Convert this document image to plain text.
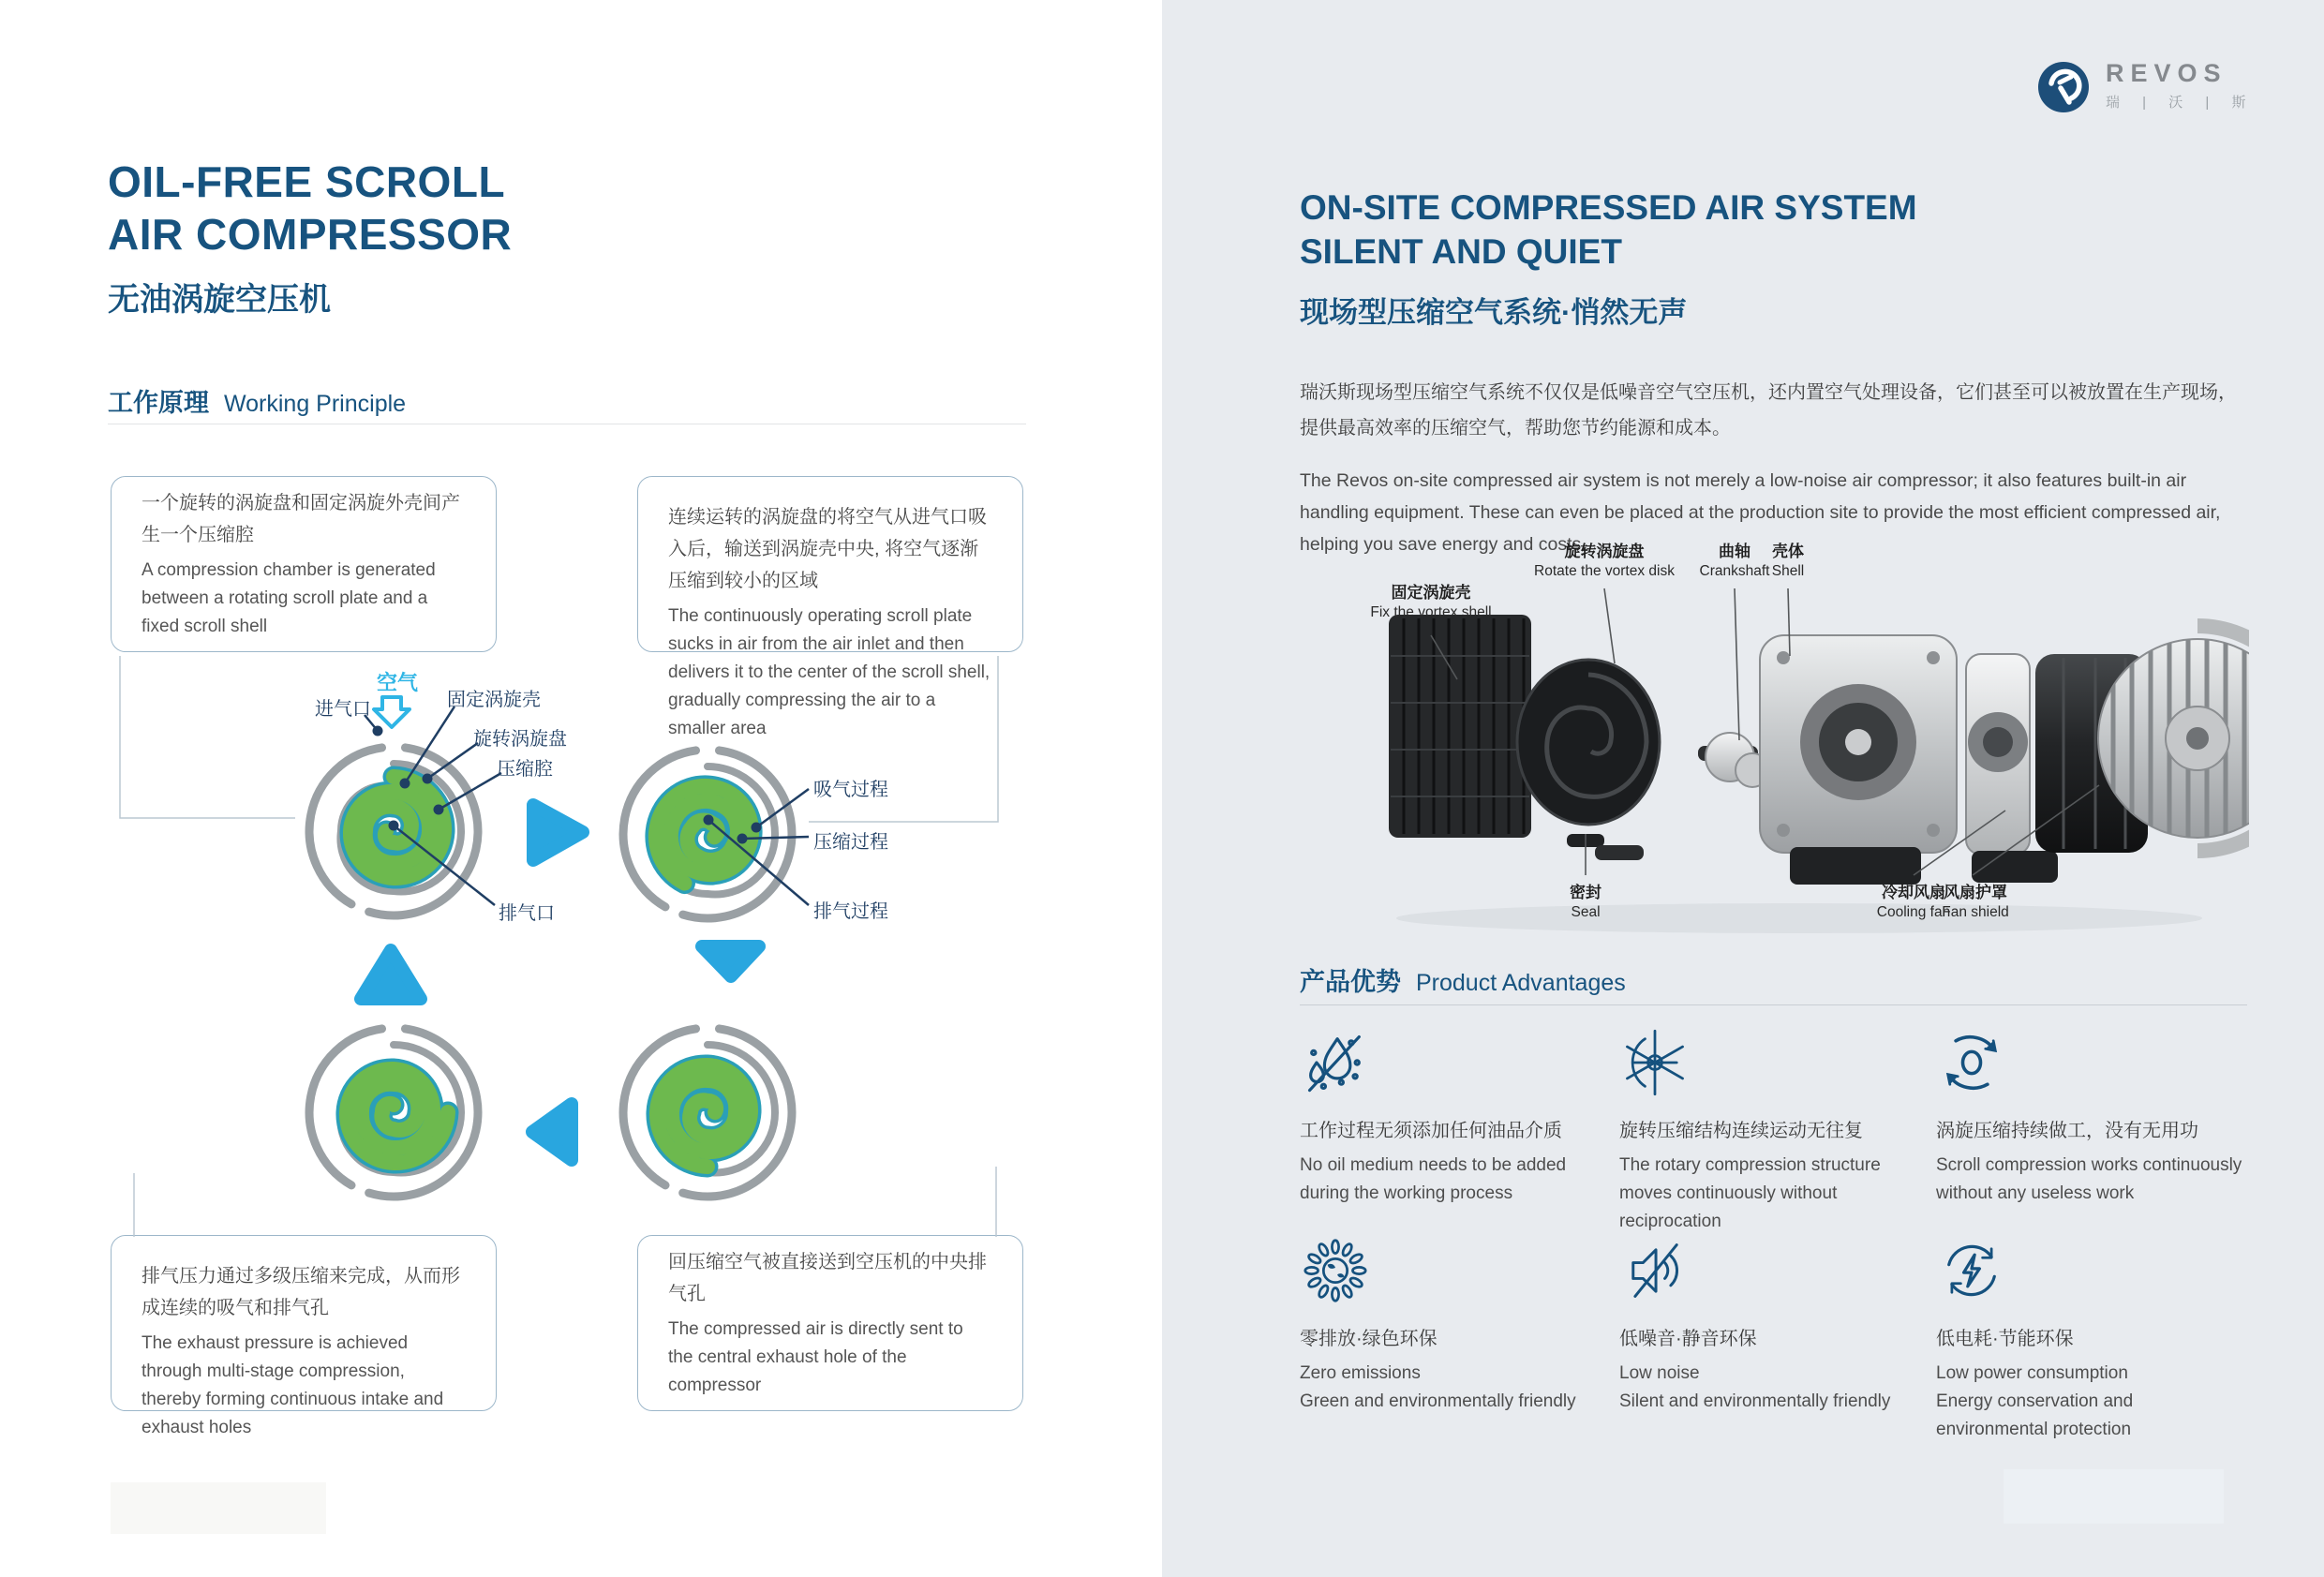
OIL-FREE SCROLL
AIR COMPRESSOR
无油涡旋空压机
工作原理 Working Principle
一个旋转的涡旋盘和固定涡旋外壳间产生一个压缩腔
A compression chamber is generated between a rotating scroll plate and a fixed scroll shell
连续运转的涡旋盘的将空气从进气口吸入后，输送到涡旋壳中央, 将空气逐渐压缩到较小的区域
The continuously operating scroll plate sucks in air from the air inlet and then delivers it to the center of the scroll shell, gradually compressing the air to a smaller area
排气压力通过多级压缩来完成，从而形成连续的吸气和排气孔
The exhaust pressure is achieved through multi-stage compression, thereby forming continuous intake and exhaust holes
回压缩空气被直接送到空压机的中央排气孔
The compressed air is directly sent to the central exhaust hole of the compressor
空气
进气口	固定涡旋壳
旋转涡旋盘
压缩腔
排气口
吸气过程
压缩过程
排气过程
REVOS
瑞 | 沃 | 斯
ON-SITE COMPRESSED AIR SYSTEM
SILENT AND QUIET
现场型压缩空气系统·悄然无声
瑞沃斯现场型压缩空气系统不仅仅是低噪音空气空压机，还内置空气处理设备，它们甚至可以被放置在生产现场，提供最高效率的压缩空气，帮助您节约能源和成本。
The Revos on-site compressed air system is not merely a low-noise air compressor; it also features built-in air handling equipment. These can even be placed at the production site to provide the most efficient compressed air, helping you save energy and costs.
固定涡旋壳
Fix the vortex shell
旋转涡旋盘
Rotate the vortex disk
曲轴
Crankshaft
壳体
Shell
密封
Seal
冷却风扇
Cooling fan
风扇护罩
Fan shield
产品优势 Product Advantages
工作过程无须添加任何油品介质
No oil medium needs to be added during the working process
旋转压缩结构连续运动无往复
The rotary compression structure moves continuously without reciprocation
涡旋压缩持续做工，没有无用功
Scroll compression works continuously without any useless work
零排放·绿色环保
Zero emissions
Green and environmentally friendly
低噪音·静音环保
Low noise
Silent and environmentally friendly
低电耗·节能环保
Low power consumption
Energy conservation and environmental protection
